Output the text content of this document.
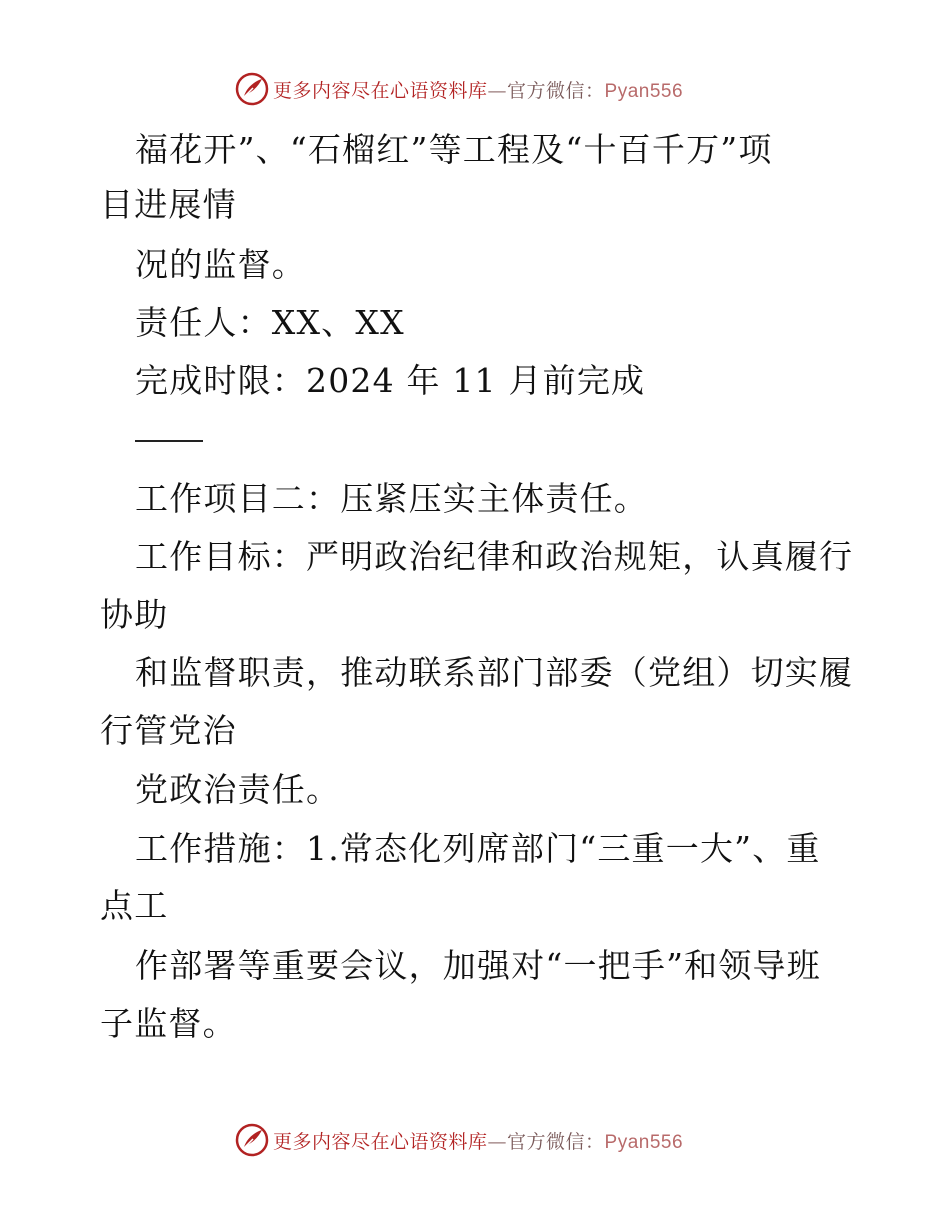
更多内容尽在心语资料库—官方微信：Pyan556
福花开”、“石榴红”等工程及“十百千万”项
目进展情
况的监督。
责任人：XX、XX
完成时限：2024 年 11 月前完成
工作项目二：压紧压实主体责任。
工作目标：严明政治纪律和政治规矩，认真履行
协助
和监督职责，推动联系部门部委（党组）切实履
行管党治
党政治责任。
工作措施：1.常态化列席部门“三重一大”、重
点工
作部署等重要会议，加强对“一把手”和领导班
子监督。
更多内容尽在心语资料库—官方微信：Pyan556
